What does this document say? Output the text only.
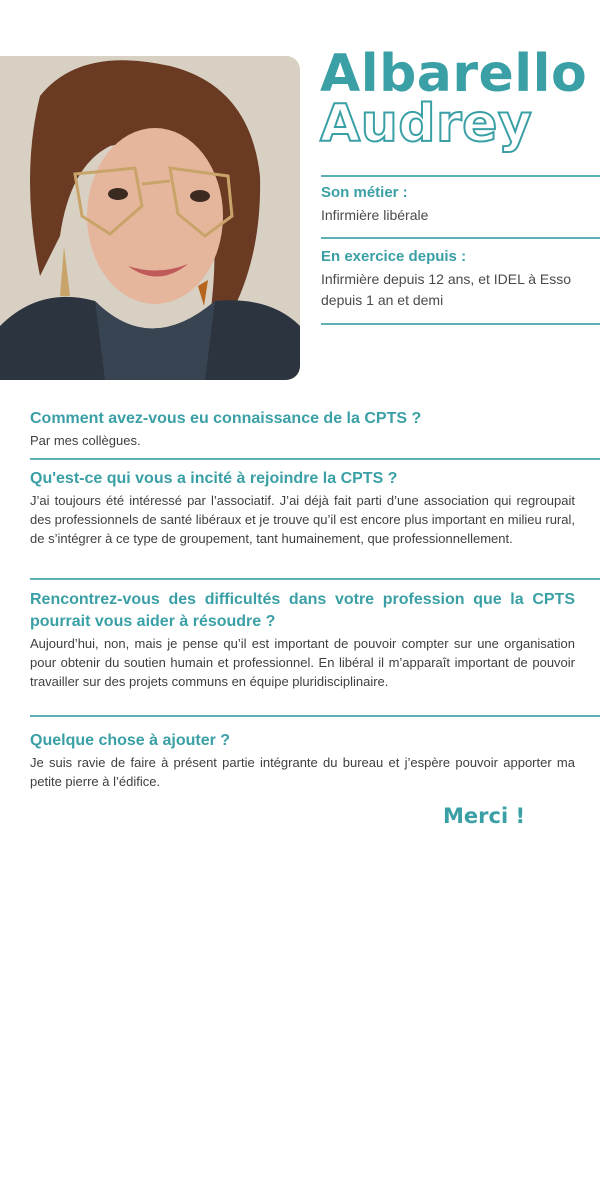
Albarello
Audrey
Son métier :
Infirmière libérale
En exercice depuis :
Infirmière depuis 12 ans, et IDEL à Esso
depuis 1 an et demi
Comment avez-vous eu connaissance de la CPTS ?
Par mes collègues.
Qu'est-ce qui vous a incité à rejoindre la CPTS ?
J’ai toujours été intéressé par l’associatif. J’ai déjà fait parti d’une association qui regroupait des professionnels de santé libéraux et je trouve qu’il est encore plus important en milieu rural, de s’intégrer à ce type de groupement, tant humainement, que professionnellement.
Rencontrez-vous des difficultés dans votre profession que la CPTS pourrait vous aider à résoudre ?
Aujourd’hui, non, mais je pense qu’il est important de pouvoir compter sur une organisation pour obtenir du soutien humain et professionnel. En libéral il m’apparaît important de pouvoir travailler sur des projets communs en équipe pluridisciplinaire.
Quelque chose à ajouter ?
Je suis ravie de faire à présent partie intégrante du bureau et j’espère pouvoir apporter ma petite pierre à l’édifice.
Merci !
